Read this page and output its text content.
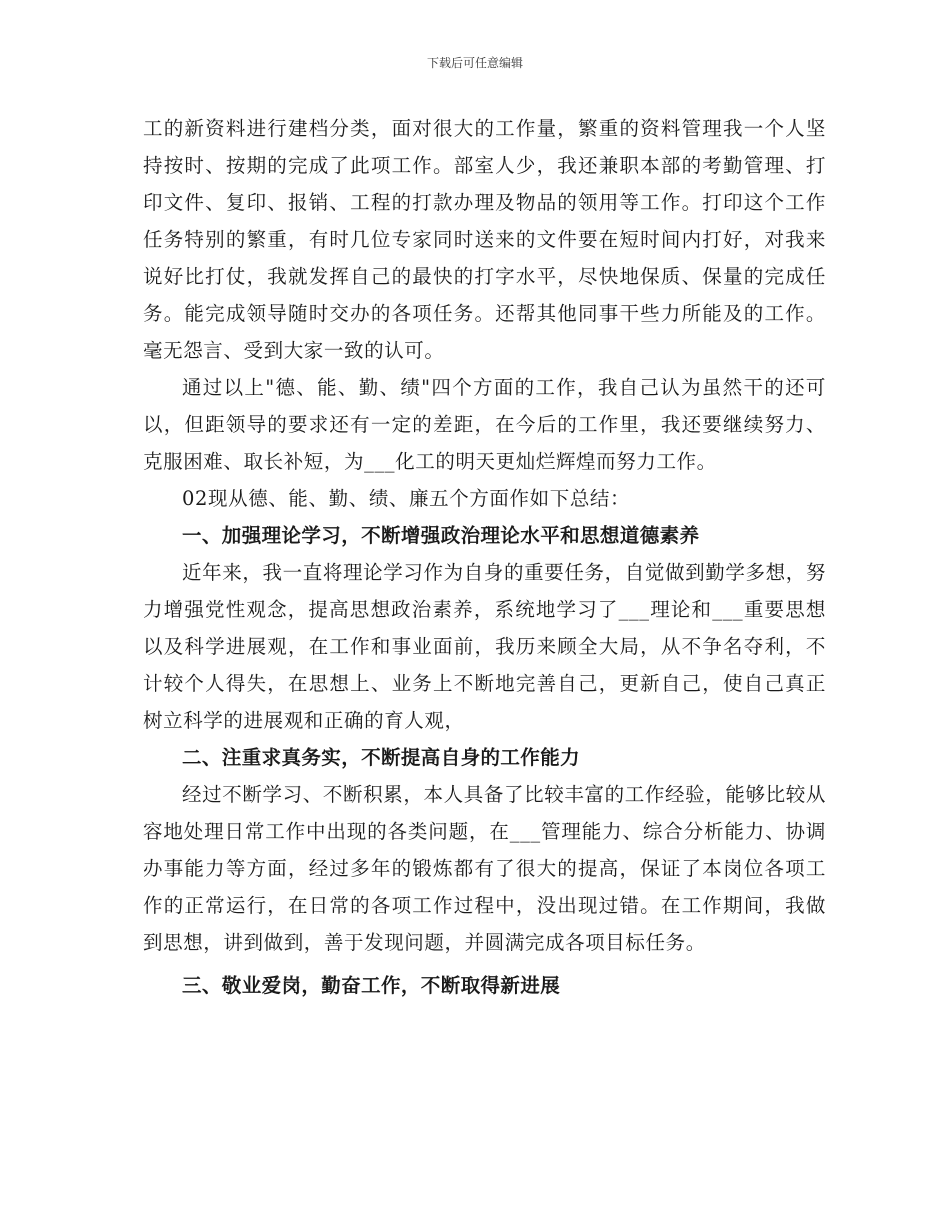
下载后可任意编辑

工的新资料进行建档分类，面对很大的工作量，繁重的资料管理我一个人坚持按时、按期的完成了此项工作。部室人少，我还兼职本部的考勤管理、打印文件、复印、报销、工程的打款办理及物品的领用等工作。打印这个工作任务特别的繁重，有时几位专家同时送来的文件要在短时间内打好，对我来说好比打仗，我就发挥自己的最快的打字水平，尽快地保质、保量的完成任务。能完成领导随时交办的各项任务。还帮其他同事干些力所能及的工作。毫无怨言、受到大家一致的认可。

通过以上"德、能、勤、绩"四个方面的工作，我自己认为虽然干的还可以，但距领导的要求还有一定的差距，在今后的工作里，我还要继续努力、克服困难、取长补短，为___化工的明天更灿烂辉煌而努力工作。

02现从德、能、勤、绩、廉五个方面作如下总结：

一、加强理论学习，不断增强政治理论水平和思想道德素养

近年来，我一直将理论学习作为自身的重要任务，自觉做到勤学多想，努力增强党性观念，提高思想政治素养，系统地学习了___理论和___重要思想以及科学进展观，在工作和事业面前，我历来顾全大局，从不争名夺利，不计较个人得失，在思想上、业务上不断地完善自己，更新自己，使自己真正树立科学的进展观和正确的育人观，

二、注重求真务实，不断提高自身的工作能力

经过不断学习、不断积累，本人具备了比较丰富的工作经验，能够比较从容地处理日常工作中出现的各类问题，在___管理能力、综合分析能力、协调办事能力等方面，经过多年的锻炼都有了很大的提高，保证了本岗位各项工作的正常运行，在日常的各项工作过程中，没出现过错。在工作期间，我做到思想，讲到做到，善于发现问题，并圆满完成各项目标任务。

三、敬业爱岗，勤奋工作，不断取得新进展
